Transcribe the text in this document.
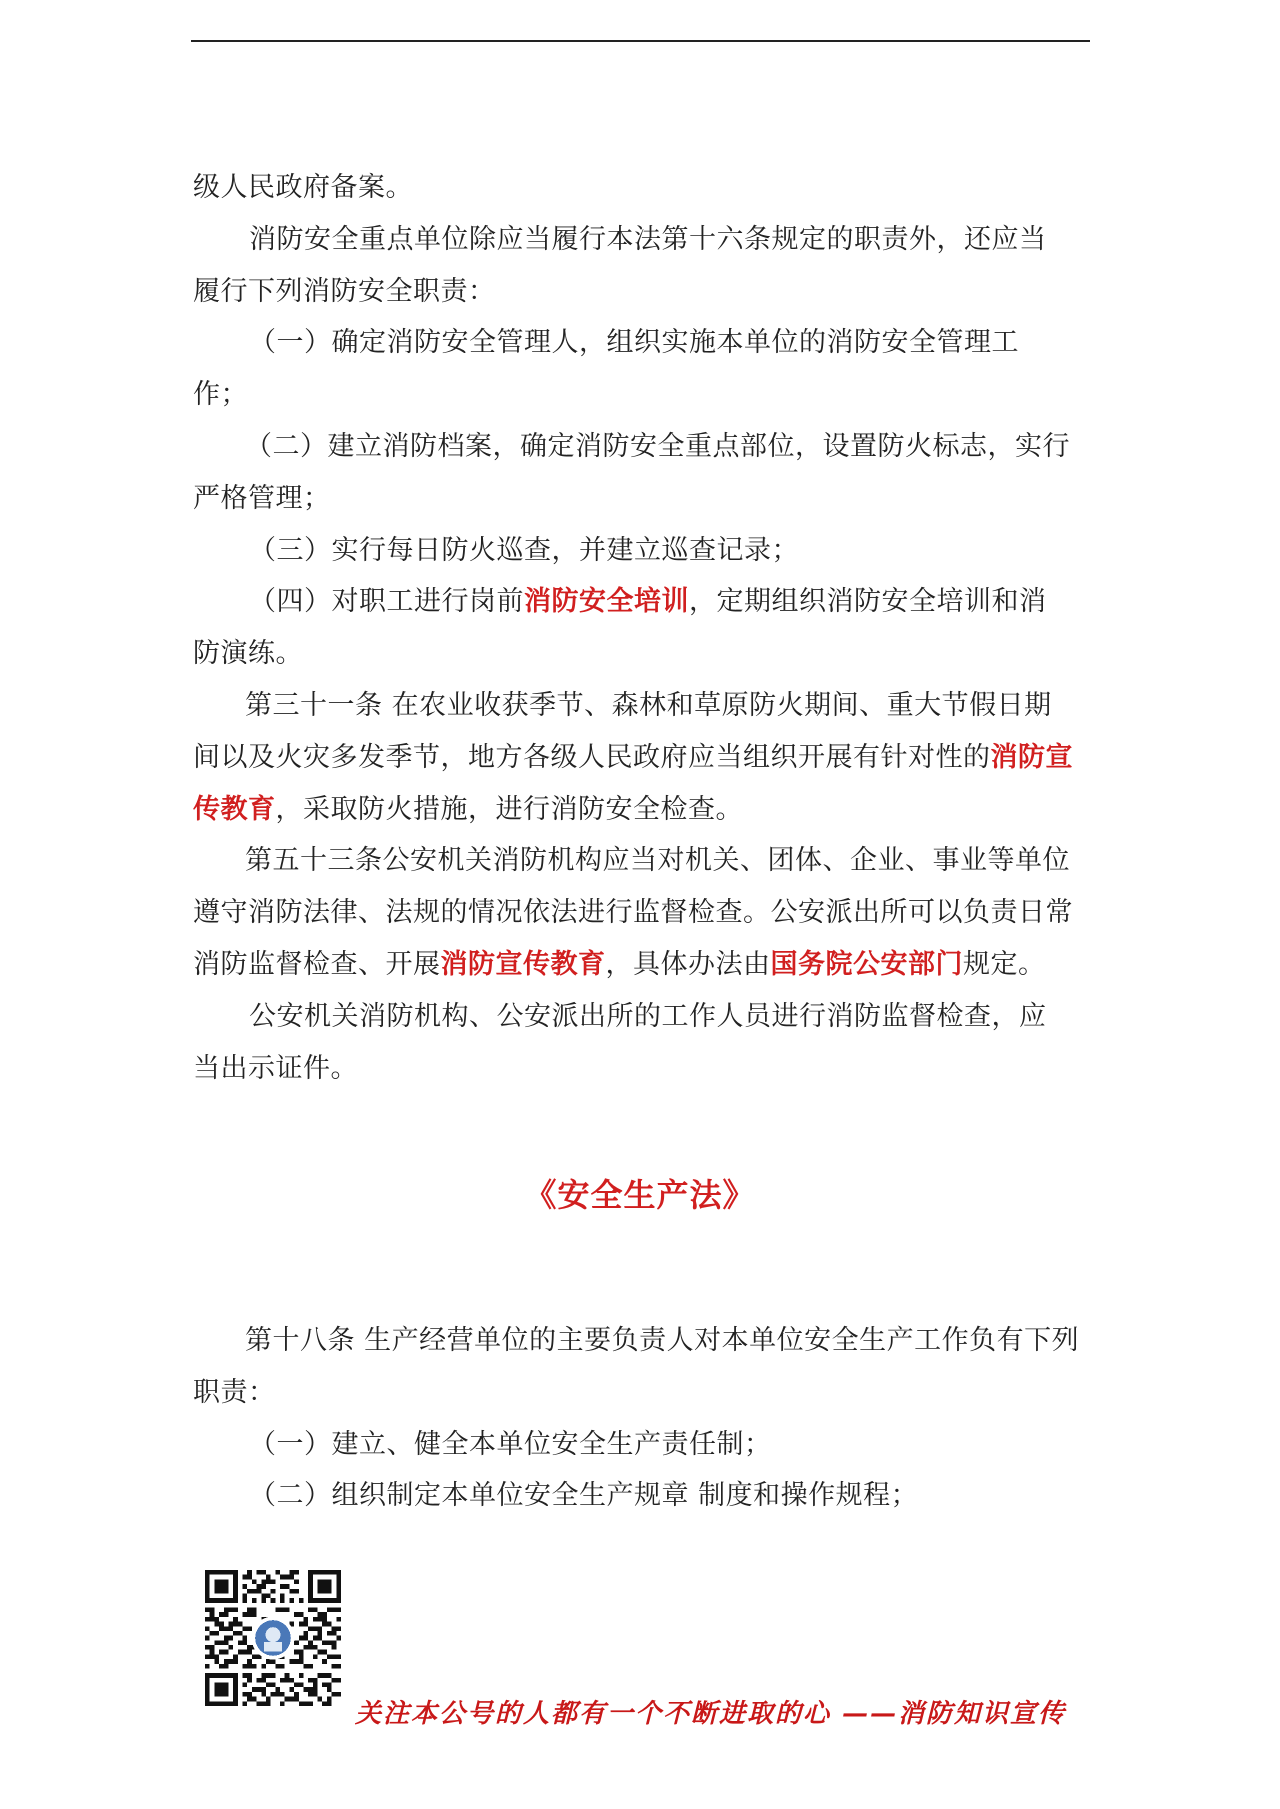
级人民政府备案。

消防安全重点单位除应当履行本法第十六条规定的职责外，还应当履行下列消防安全职责：

（一）确定消防安全管理人，组织实施本单位的消防安全管理工作；

（二）建立消防档案，确定消防安全重点部位，设置防火标志，实行严格管理；

（三）实行每日防火巡查，并建立巡查记录；

（四）对职工进行岗前消防安全培训，定期组织消防安全培训和消防演练。

第三十一条 在农业收获季节、森林和草原防火期间、重大节假日期间以及火灾多发季节，地方各级人民政府应当组织开展有针对性的消防宣传教育，采取防火措施，进行消防安全检查。

第五十三条公安机关消防机构应当对机关、团体、企业、事业等单位遵守消防法律、法规的情况依法进行监督检查。公安派出所可以负责日常消防监督检查、开展消防宣传教育，具体办法由国务院公安部门规定。

公安机关消防机构、公安派出所的工作人员进行消防监督检查，应当出示证件。

《安全生产法》

第十八条 生产经营单位的主要负责人对本单位安全生产工作负有下列职责：

（一）建立、健全本单位安全生产责任制；

（二）组织制定本单位安全生产规章 制度和操作规程；

关注本公号的人都有一个不断进取的心 ——消防知识宣传
